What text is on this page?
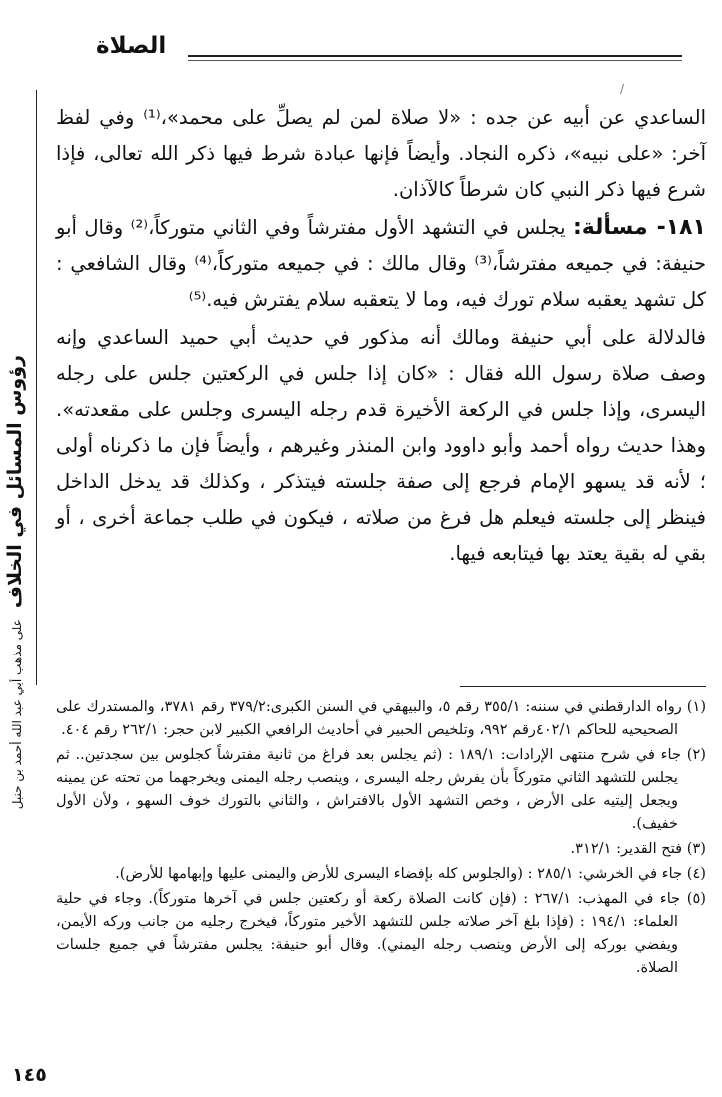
الصلاة
/
رؤوس المسائل في الخلاف على مذهب أبي عبد الله أحمد بن حنبل

الساعدي عن أبيه عن جده : «لا صلاة لمن لم يصلِّ على محمد»،⁽¹⁾ وفي لفظ آخر: «على نبيه»، ذكره النجاد. وأيضاً فإنها عبادة شرط فيها ذكر الله تعالى، فإذا شرع فيها ذكر النبي كان شرطاً كالآذان.

١٨١- مسألة: يجلس في التشهد الأول مفترشاً وفي الثاني متوركاً،⁽²⁾ وقال أبو حنيفة: في جميعه مفترشاً،⁽³⁾ وقال مالك : في جميعه متوركاً،⁽⁴⁾ وقال الشافعي : كل تشهد يعقبه سلام تورك فيه، وما لا يتعقبه سلام يفترش فيه.⁽⁵⁾

فالدلالة على أبي حنيفة ومالك أنه مذكور في حديث أبي حميد الساعدي وإنه وصف صلاة رسول الله فقال : «كان إذا جلس في الركعتين جلس على رجله اليسرى، وإذا جلس في الركعة الأخيرة قدم رجله اليسرى وجلس على مقعدته». وهذا حديث رواه أحمد وأبو داوود وابن المنذر وغيرهم ، وأيضاً فإن ما ذكرناه أولى ؛ لأنه قد يسهو الإمام فرجع إلى صفة جلسته فيتذكر ، وكذلك قد يدخل الداخل فينظر إلى جلسته فيعلم هل فرغ من صلاته ، فيكون في طلب جماعة أخرى ، أو بقي له بقية يعتد بها فيتابعه فيها.

(١) رواه الدارقطني في سننه: ٣٥٥/١ رقم ٥، والبيهقي في السنن الكبرى:٣٧٩/٢ رقم ٣٧٨١، والمستدرك على الصحيحيه للحاكم ٤٠٢/١رقم ٩٩٢، وتلخيص الحبير في أحاديث الرافعي الكبير لابن حجر: ٢٦٢/١ رقم ٤٠٤.

(٢) جاء في شرح منتهى الإرادات: ١٨٩/١ : (ثم يجلس بعد فراغ من ثانية مفترشاً كجلوس بين سجدتين.. ثم يجلس للتشهد الثاني متوركاً بأن يفرش رجله اليسرى ، وينصب رجله اليمنى ويخرجهما من تحته عن يمينه ويجعل إليتيه على الأرض ، وخص التشهد الأول بالافتراش ، والثاني بالتورك خوف السهو ، ولأن الأول خفيف).

(٣) فتح القدير: ٣١٢/١.

(٤) جاء في الخرشي: ٢٨٥/١ : (والجلوس كله بإفضاء اليسرى للأرض واليمنى عليها وإبهامها للأرض).

(٥) جاء في المهذب: ٢٦٧/١ : (فإن كانت الصلاة ركعة أو ركعتين جلس في آخرها متوركاً). وجاء في حلية العلماء: ١٩٤/١ : (فإذا بلغ آخر صلاته جلس للتشهد الأخير متوركاً، فيخرج رجليه من جانب وركه الأيمن، ويفضي بوركه إلى الأرض وينصب رجله اليمني). وقال أبو حنيفة: يجلس مفترشاً في جميع جلسات الصلاة.

١٤٥
